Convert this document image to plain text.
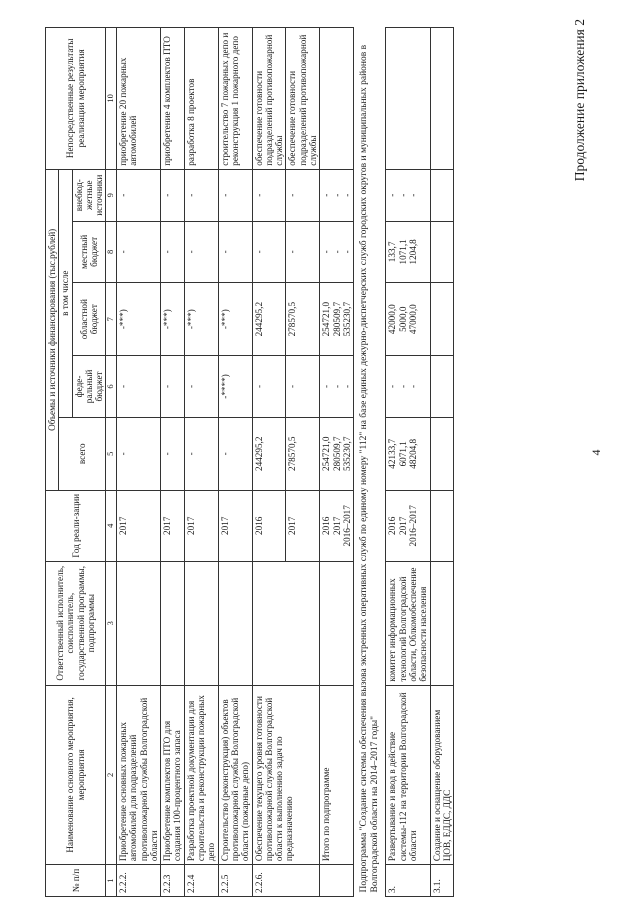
4
Продолжение приложения 2
№ п/п	Наименование основного мероприятия, мероприятия	Ответственный исполнитель, соисполнитель, государственной программы, подпрограммы	Год реали-зации	Объемы и источники финансирования (тыс.рублей)					Непосредственные результаты реализации мероприятия
				всего	в том числе				
					феде-ральный бюджет	областной бюджет	местный бюджет	внебюд-жетные источники	
1	2	3	4	5	6	7	8	9	10
2.2.2.	Приобретение основных пожарных автомобилей для подразделений противопожарной службы Волгоградской области		2017	-	-	-***)	-	-	приобретение 20 пожарных автомобилей
2.2.3	Приобретение комплектов ПТО для создания 100-процентного запаса		2017	-	-	-***)	-	-	приобретение 4 комплектов ПТО
2.2.4	Разработка проектной документации для строительства и реконструкции пожарных депо		2017	-	-	-***)	-	-	разработка 8 проектов
2.2.5	Строительство (реконструкция) объектов противопожарной службы Волгоградской области (пожарные депо)		2017	-	-****)	-***)	-	-	строительство 7 пожарных депо и реконструкция 1 пожарного депо
2.2.6.	Обеспечение текущего уровня готовности противопожарной службы Волгоградской области к выполнению задач по предназначению		2016	244295,2	-	244295,2	-	-	обеспечение готовности подразделений противопожарной службы
			2017	278570,5	-	278570,5	-	-	обеспечение готовности подразделений противопожарной службы
	Итого по подпрограмме		2016
2017
2016–2017	254721,0
280509,7
535230,7	-
-
-	254721,0
280509,7
535230,7	-
-
-	-
-
-	
Подпрограмма "Создание системы обеспечения вызова экстренных оперативных служб по единому номеру "112" на базе единых дежурно-диспетчерских служб городских округов и муниципальных районов в Волгоградской области на 2014–2017 годы"									
3.	Развертывание и ввод в действие системы-112 на территории Волгоградской области	комитет информационных технологий Волгоградской области, Облкомобеспечение безопасности населения	2016
2017
2016–2017	42133,7
6071,1
48204,8	-
-
-	42000,0
5000,0
47000,0	133,7
1071,1
1204,8	-
-
-	
3.1.	Создание и оснащение оборудованием ЦОВ, ЕДДС, ДДС								
